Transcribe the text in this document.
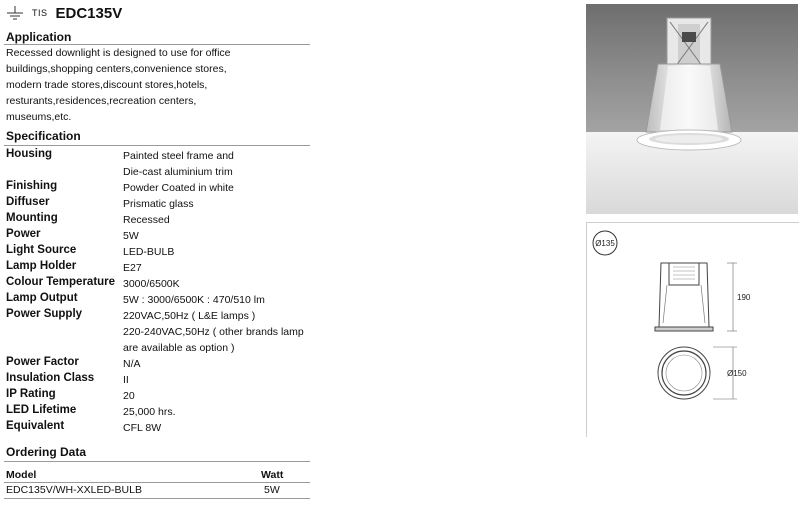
TIS EDC135V
Application
Recessed downlight is designed to use for office
buildings,shopping centers,convenience stores,
modern trade stores,discount stores,hotels,
resturants,residences,recreation centers,
museums,etc.
Specification
Housing	Painted steel frame and
Die-cast aluminium trim
Finishing	Powder Coated in white
Diffuser	Prismatic glass
Mounting	Recessed
Power	5W
Light Source	LED-BULB
Lamp Holder	E27
Colour Temperature 3000/6500K
Lamp Output	5W : 3000/6500K : 470/510 lm
Power Supply	220VAC,50Hz ( L&E lamps )
220-240VAC,50Hz ( other brands lamp
are available as option )
Power Factor	N/A
Insulation Class	II
IP Rating	20
LED Lifetime	25,000 hrs.
Equivalent	CFL 8W
Ordering Data
Model	Watt
EDC135V/WH-XXLED-BULB	5W
Ø135
190
Ø150
